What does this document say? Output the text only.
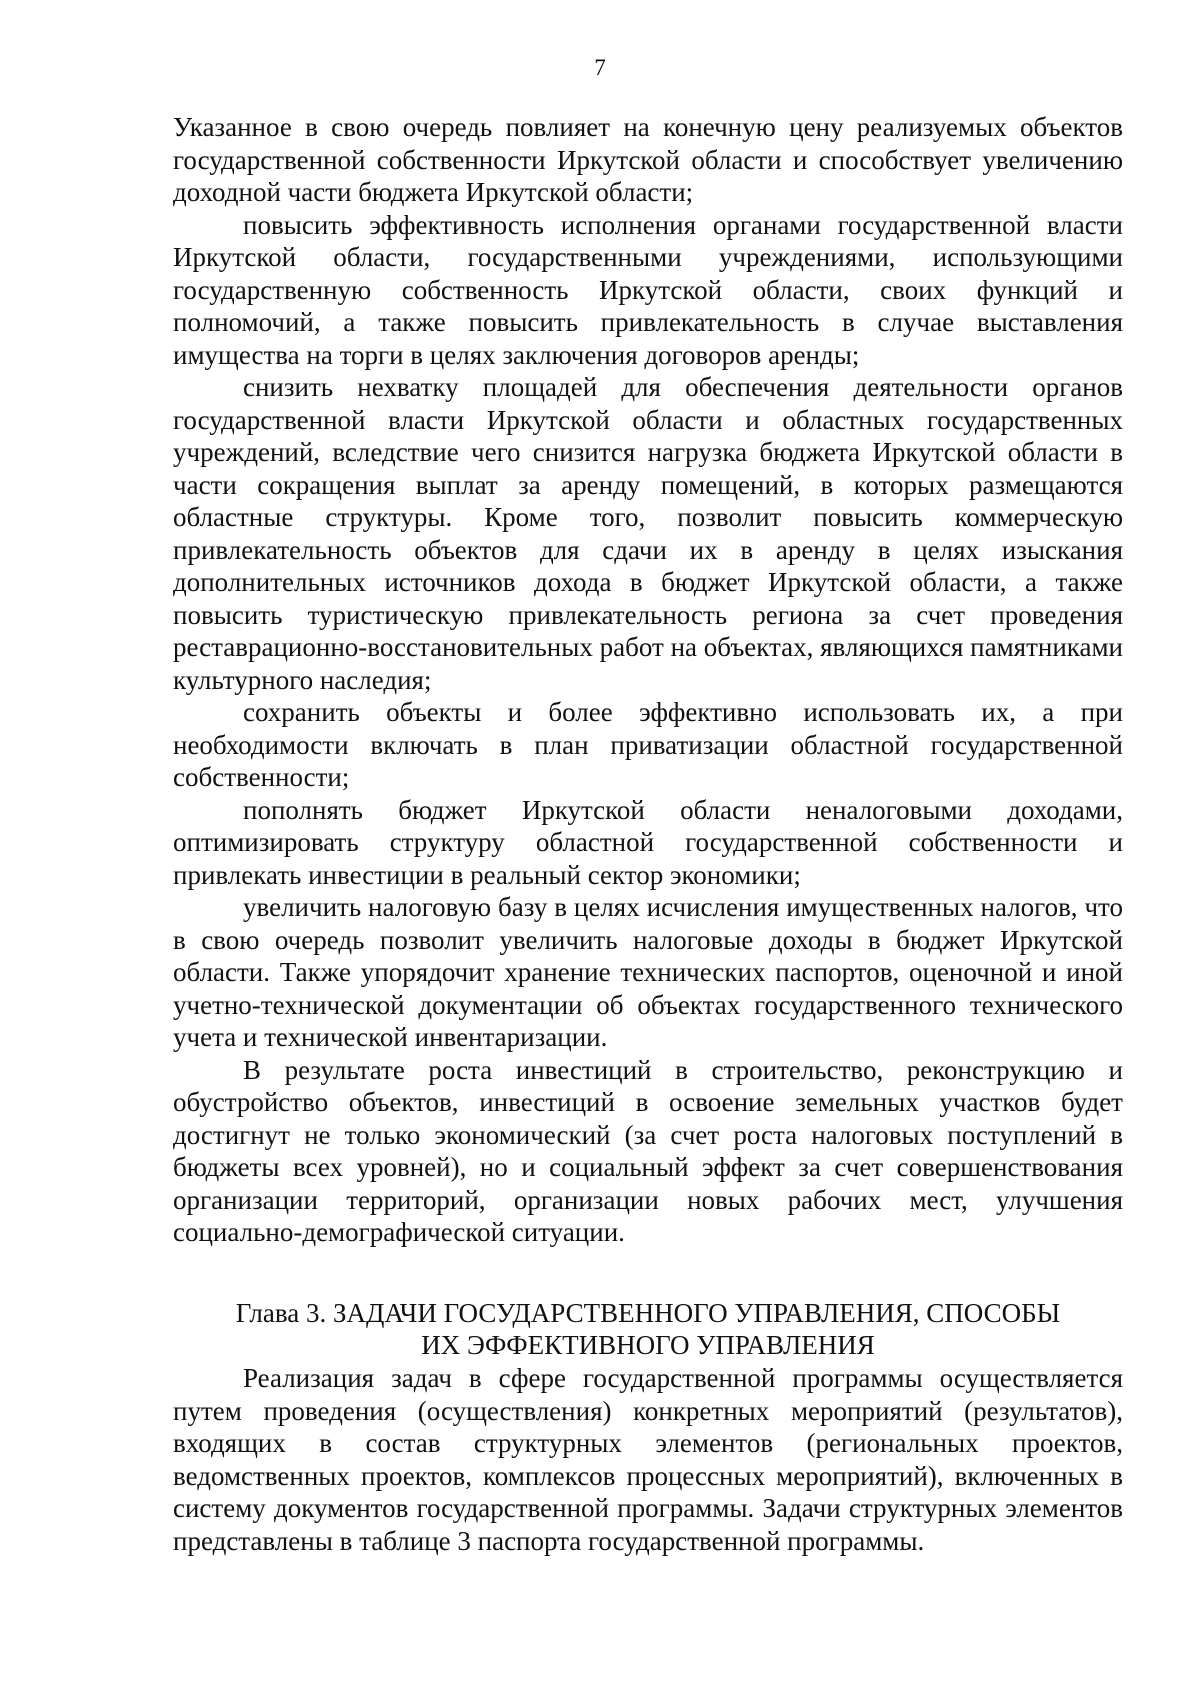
7

Указанное в свою очередь повлияет на конечную цену реализуемых объектов государственной собственности Иркутской области и способствует увеличению доходной части бюджета Иркутской области;

повысить эффективность исполнения органами государственной власти Иркутской области, государственными учреждениями, использующими государственную собственность Иркутской области, своих функций и полномочий, а также повысить привлекательность в случае выставления имущества на торги в целях заключения договоров аренды;

снизить нехватку площадей для обеспечения деятельности органов государственной власти Иркутской области и областных государственных учреждений, вследствие чего снизится нагрузка бюджета Иркутской области в части сокращения выплат за аренду помещений, в которых размещаются областные структуры. Кроме того, позволит повысить коммерческую привлекательность объектов для сдачи их в аренду в целях изыскания дополнительных источников дохода в бюджет Иркутской области, а также повысить туристическую привлекательность региона за счет проведения реставрационно-восстановительных работ на объектах, являющихся памятниками культурного наследия;

сохранить объекты и более эффективно использовать их, а при необходимости включать в план приватизации областной государственной собственности;

пополнять бюджет Иркутской области неналоговыми доходами, оптимизировать структуру областной государственной собственности и привлекать инвестиции в реальный сектор экономики;

увеличить налоговую базу в целях исчисления имущественных налогов, что в свою очередь позволит увеличить налоговые доходы в бюджет Иркутской области. Также упорядочит хранение технических паспортов, оценочной и иной учетно-технической документации об объектах государственного технического учета и технической инвентаризации.

В результате роста инвестиций в строительство, реконструкцию и обустройство объектов, инвестиций в освоение земельных участков будет достигнут не только экономический (за счет роста налоговых поступлений в бюджеты всех уровней), но и социальный эффект за счет совершенствования организации территорий, организации новых рабочих мест, улучшения социально-демографической ситуации.

Глава 3. ЗАДАЧИ ГОСУДАРСТВЕННОГО УПРАВЛЕНИЯ, СПОСОБЫ
ИХ ЭФФЕКТИВНОГО УПРАВЛЕНИЯ

Реализация задач в сфере государственной программы осуществляется путем проведения (осуществления) конкретных мероприятий (результатов), входящих в состав структурных элементов (региональных проектов, ведомственных проектов, комплексов процессных мероприятий), включенных в систему документов государственной программы. Задачи структурных элементов представлены в таблице 3 паспорта государственной программы.
